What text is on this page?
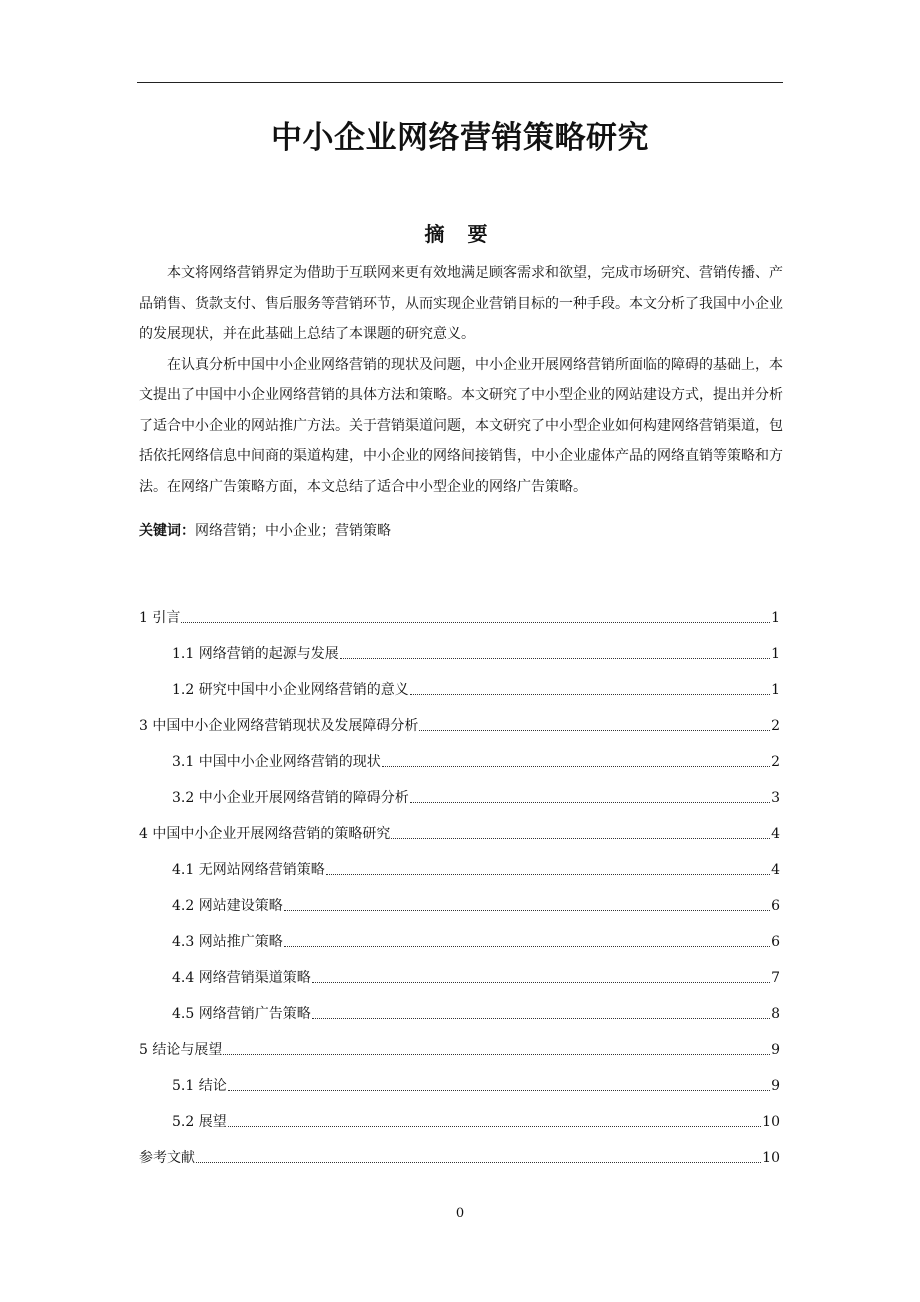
中小企业网络营销策略研究
摘 要

本文将网络营销界定为借助于互联网来更有效地满足顾客需求和欲望，完成市场研究、营销传播、产品销售、货款支付、售后服务等营销环节，从而实现企业营销目标的一种手段。本文分析了我国中小企业的发展现状，并在此基础上总结了本课题的研究意义。

在认真分析中国中小企业网络营销的现状及问题，中小企业开展网络营销所面临的障碍的基础上，本文提出了中国中小企业网络营销的具体方法和策略。本文研究了中小型企业的网站建设方式，提出并分析了适合中小企业的网站推广方法。关于营销渠道问题，本文研究了中小型企业如何构建网络营销渠道，包括依托网络信息中间商的渠道构建，中小企业的网络间接销售，中小企业虚体产品的网络直销等策略和方法。在网络广告策略方面，本文总结了适合中小型企业的网络广告策略。

关键词：网络营销；中小企业；营销策略
1 引言	1
1.1 网络营销的起源与发展	1
1.2 研究中国中小企业网络营销的意义	1
3 中国中小企业网络营销现状及发展障碍分析	2
3.1 中国中小企业网络营销的现状	2
3.2 中小企业开展网络营销的障碍分析	3
4 中国中小企业开展网络营销的策略研究	4
4.1 无网站网络营销策略	4
4.2 网站建设策略	6
4.3 网站推广策略	6
4.4 网络营销渠道策略	7
4.5 网络营销广告策略	8
5 结论与展望	9
5.1 结论	9
5.2 展望	10
参考文献	10
0
